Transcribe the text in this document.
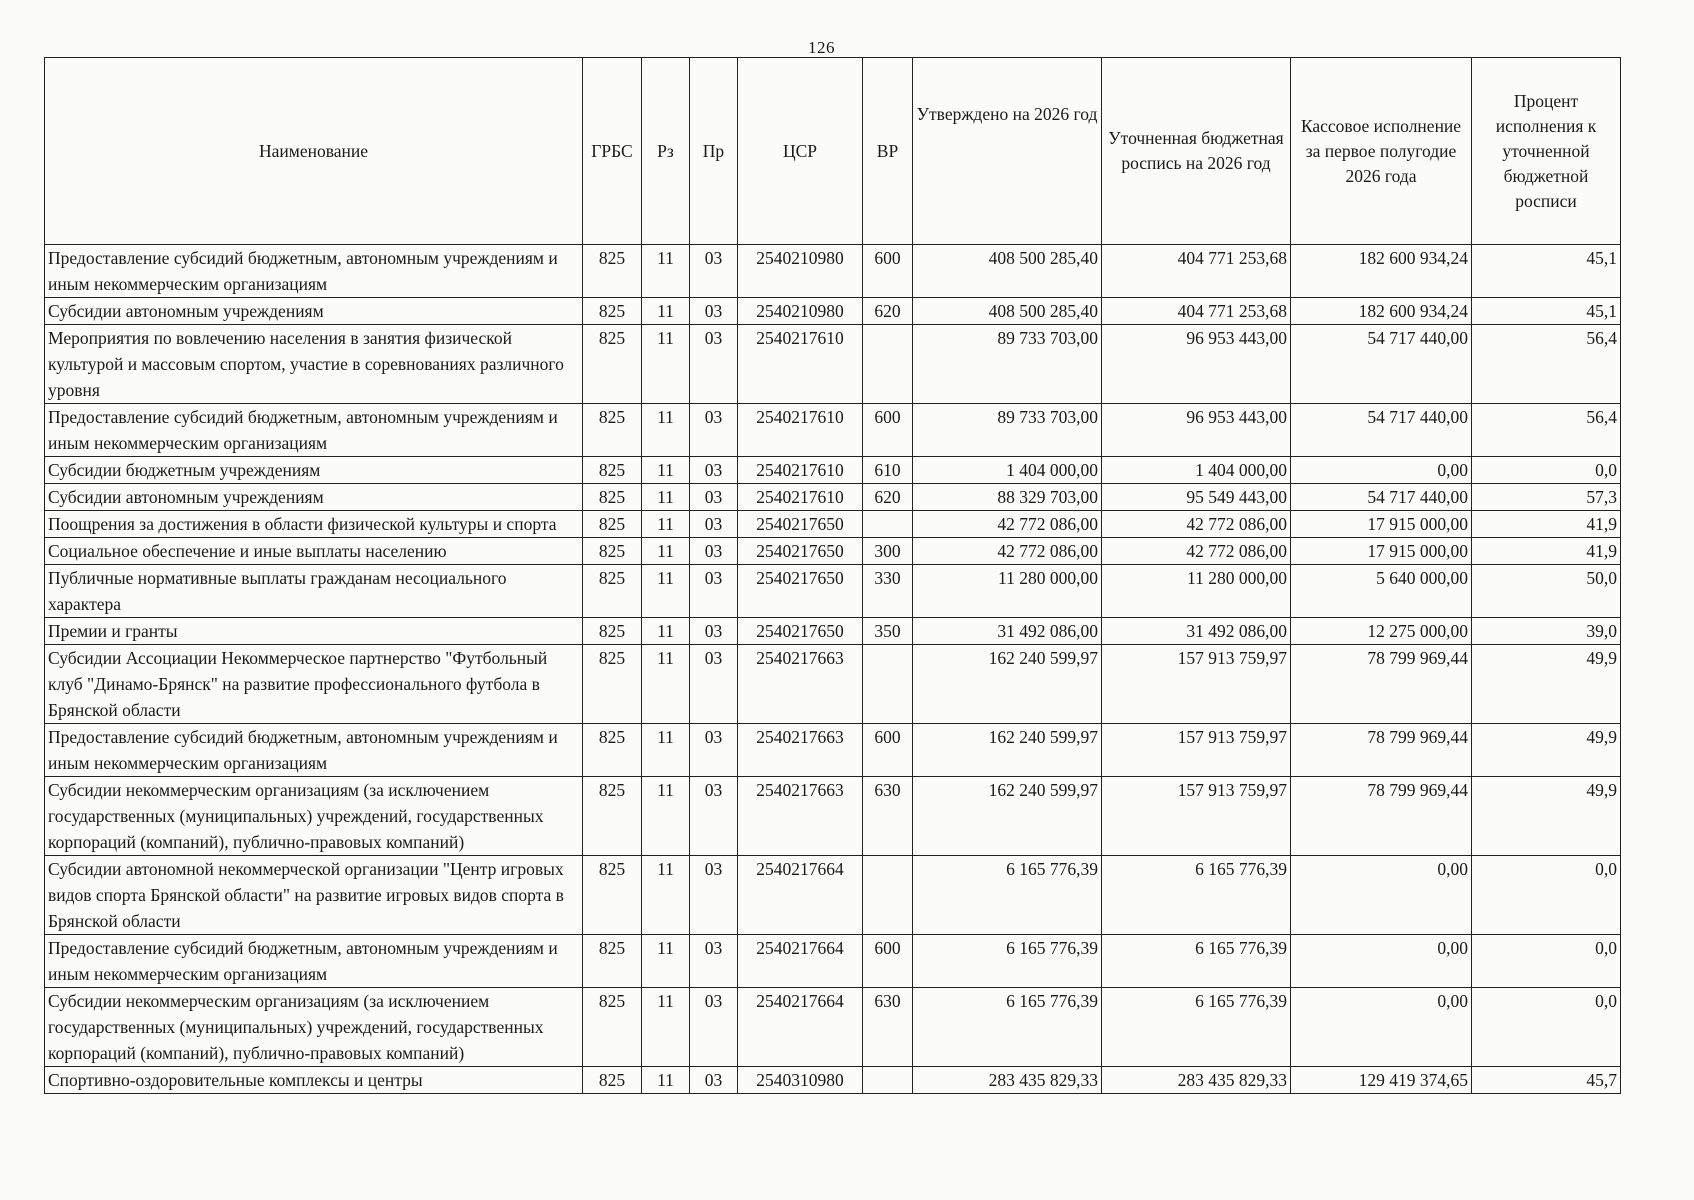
126
Наименование	ГРБС	Рз	Пр	ЦСР	ВР	Утверждено на 2026 год	Уточненная бюджетная роспись на 2026 год	Кассовое исполнение за первое полугодие 2026 года	Процент исполнения к уточненной бюджетной росписи
Предоставление субсидий бюджетным, автономным учреждениям и иным некоммерческим организациям	825	11	03	2540210980	600	408 500 285,40	404 771 253,68	182 600 934,24	45,1
Субсидии автономным учреждениям	825	11	03	2540210980	620	408 500 285,40	404 771 253,68	182 600 934,24	45,1
Мероприятия по вовлечению населения в занятия физической культурой и массовым спортом, участие в соревнованиях различного уровня	825	11	03	2540217610		89 733 703,00	96 953 443,00	54 717 440,00	56,4
Предоставление субсидий бюджетным, автономным учреждениям и иным некоммерческим организациям	825	11	03	2540217610	600	89 733 703,00	96 953 443,00	54 717 440,00	56,4
Субсидии бюджетным учреждениям	825	11	03	2540217610	610	1 404 000,00	1 404 000,00	0,00	0,0
Субсидии автономным учреждениям	825	11	03	2540217610	620	88 329 703,00	95 549 443,00	54 717 440,00	57,3
Поощрения за достижения в области физической культуры и спорта	825	11	03	2540217650		42 772 086,00	42 772 086,00	17 915 000,00	41,9
Социальное обеспечение и иные выплаты населению	825	11	03	2540217650	300	42 772 086,00	42 772 086,00	17 915 000,00	41,9
Публичные нормативные выплаты гражданам несоциального характера	825	11	03	2540217650	330	11 280 000,00	11 280 000,00	5 640 000,00	50,0
Премии и гранты	825	11	03	2540217650	350	31 492 086,00	31 492 086,00	12 275 000,00	39,0
Субсидии Ассоциации Некоммерческое партнерство "Футбольный клуб "Динамо-Брянск" на развитие профессионального футбола в Брянской области	825	11	03	2540217663		162 240 599,97	157 913 759,97	78 799 969,44	49,9
Предоставление субсидий бюджетным, автономным учреждениям и иным некоммерческим организациям	825	11	03	2540217663	600	162 240 599,97	157 913 759,97	78 799 969,44	49,9
Субсидии некоммерческим организациям (за исключением государственных (муниципальных) учреждений, государственных корпораций (компаний), публично-правовых компаний)	825	11	03	2540217663	630	162 240 599,97	157 913 759,97	78 799 969,44	49,9
Субсидии автономной некоммерческой организации "Центр игровых видов спорта Брянской области" на развитие игровых видов спорта в Брянской области	825	11	03	2540217664		6 165 776,39	6 165 776,39	0,00	0,0
Предоставление субсидий бюджетным, автономным учреждениям и иным некоммерческим организациям	825	11	03	2540217664	600	6 165 776,39	6 165 776,39	0,00	0,0
Субсидии некоммерческим организациям (за исключением государственных (муниципальных) учреждений, государственных корпораций (компаний), публично-правовых компаний)	825	11	03	2540217664	630	6 165 776,39	6 165 776,39	0,00	0,0
Спортивно-оздоровительные комплексы и центры	825	11	03	2540310980		283 435 829,33	283 435 829,33	129 419 374,65	45,7
